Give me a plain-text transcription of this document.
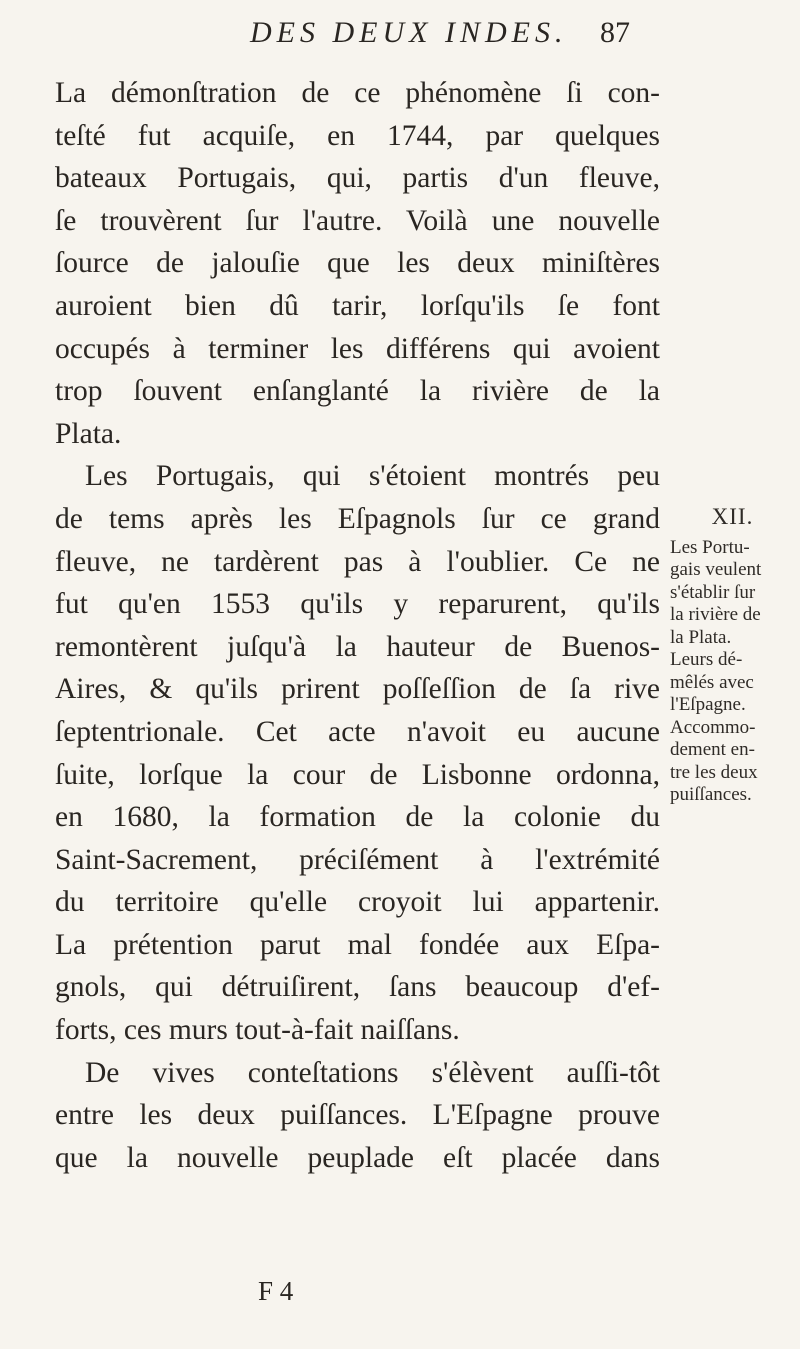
DES DEUX INDES. 87
La démonſtration de ce phénomène ſi con-
teſté fut acquiſe, en 1744, par quelques
bateaux Portugais, qui, partis d'un fleuve,
ſe trouvèrent ſur l'autre. Voilà une nouvelle
ſource de jalouſie que les deux miniſtères
auroient bien dû tarir, lorſqu'ils ſe font
occupés à terminer les différens qui avoient
trop ſouvent enſanglanté la rivière de la
Plata.
Les Portugais, qui s'étoient montrés peu
de tems après les Eſpagnols ſur ce grand
fleuve, ne tardèrent pas à l'oublier. Ce ne
fut qu'en 1553 qu'ils y reparurent, qu'ils
remontèrent juſqu'à la hauteur de Buenos-
Aires, & qu'ils prirent poſſeſſion de ſa rive
ſeptentrionale. Cet acte n'avoit eu aucune
ſuite, lorſque la cour de Lisbonne ordonna,
en 1680, la formation de la colonie du
Saint-Sacrement, préciſément à l'extrémité
du territoire qu'elle croyoit lui appartenir.
La prétention parut mal fondée aux Eſpa-
gnols, qui détruiſirent, ſans beaucoup d'ef-
forts, ces murs tout-à-fait naiſſans.
De vives conteſtations s'élèvent auſſi-tôt
entre les deux puiſſances. L'Eſpagne prouve
que la nouvelle peuplade eſt placée dans
XII.
Les Portu-
gais veulent
s'établir ſur
la rivière de
la Plata.
Leurs dé-
mêlés avec
l'Eſpagne.
Accommo-
dement en-
tre les deux
puiſſances.
F 4
